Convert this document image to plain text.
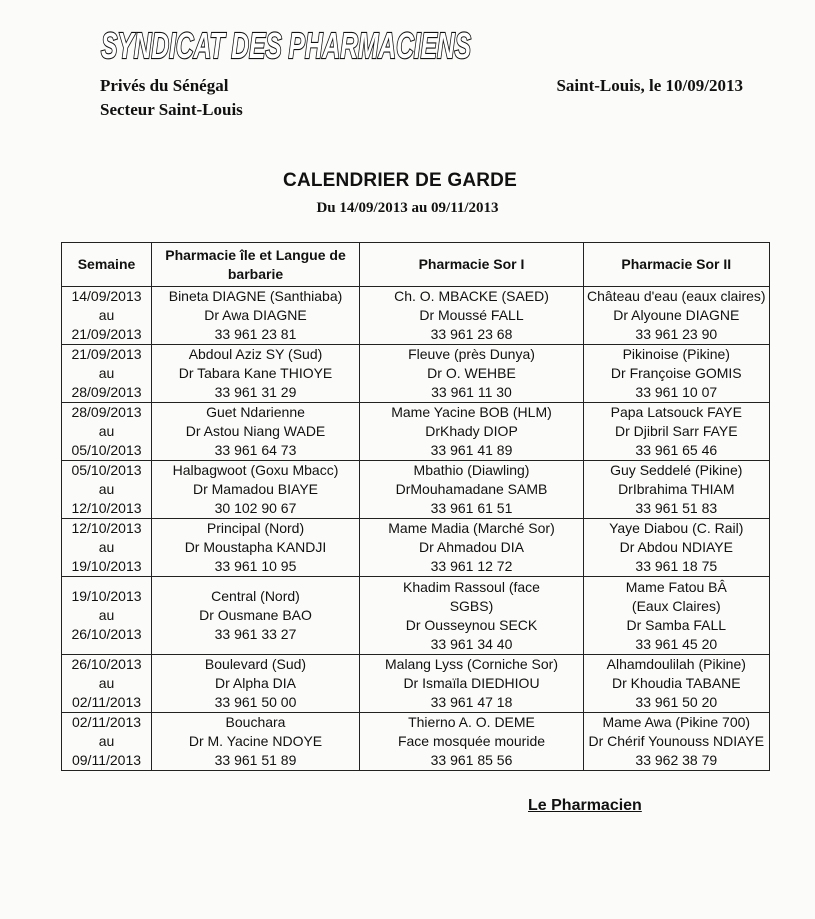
SYNDICAT DES PHARMACIENS
Privés du Sénégal
Secteur Saint-Louis
Saint-Louis, le 10/09/2013
CALENDRIER DE GARDE
Du 14/09/2013 au 09/11/2013
Semaine	Pharmacie île et Langue de barbarie	Pharmacie Sor I	Pharmacie Sor II

14/09/2013
au
21/09/2013	Bineta DIAGNE (Santhiaba)
Dr Awa DIAGNE
33 961 23 81	Ch. O. MBACKE (SAED)
Dr Moussé FALL
33 961 23 68	Château d'eau (eaux claires)
Dr Alyoune DIAGNE
33 961 23 90

21/09/2013
au
28/09/2013	Abdoul Aziz SY (Sud)
Dr Tabara Kane THIOYE
33 961 31 29	Fleuve (près Dunya)
Dr O. WEHBE
33 961 11 30	Pikinoise (Pikine)
Dr Françoise GOMIS
33 961 10 07

28/09/2013
au
05/10/2013	Guet Ndarienne
Dr Astou Niang WADE
33 961 64 73	Mame Yacine BOB (HLM)
DrKhady DIOP
33 961 41 89	Papa Latsouck FAYE
Dr Djibril Sarr FAYE
33 961 65 46

05/10/2013
au
12/10/2013	Halbagwoot (Goxu Mbacc)
Dr Mamadou BIAYE
30 102 90 67	Mbathio (Diawling)
DrMouhamadane SAMB
33 961 61 51	Guy Seddelé (Pikine)
DrIbrahima THIAM
33 961 51 83

12/10/2013
au
19/10/2013	Principal (Nord)
Dr Moustapha KANDJI
33 961 10 95	Mame Madia (Marché Sor)
Dr Ahmadou DIA
33 961 12 72	Yaye Diabou (C. Rail)
Dr Abdou NDIAYE
33 961 18 75

19/10/2013
au
26/10/2013	Central (Nord)
Dr Ousmane BAO
33 961 33 27	Khadim Rassoul (face
SGBS)
Dr Ousseynou SECK
33 961 34 40	Mame Fatou BÂ
(Eaux Claires)
Dr Samba FALL
33 961 45 20

26/10/2013
au
02/11/2013	Boulevard (Sud)
Dr Alpha DIA
33 961 50 00	Malang Lyss (Corniche Sor)
Dr Ismaïla DIEDHIOU
33 961 47 18	Alhamdoulilah (Pikine)
Dr Khoudia TABANE
33 961 50 20

02/11/2013
au
09/11/2013	Bouchara
Dr M. Yacine NDOYE
33 961 51 89	Thierno A. O. DEME
Face mosquée mouride
33 961 85 56	Mame Awa (Pikine 700)
Dr Chérif Younouss NDIAYE
33 962 38 79
Le Pharmacien
